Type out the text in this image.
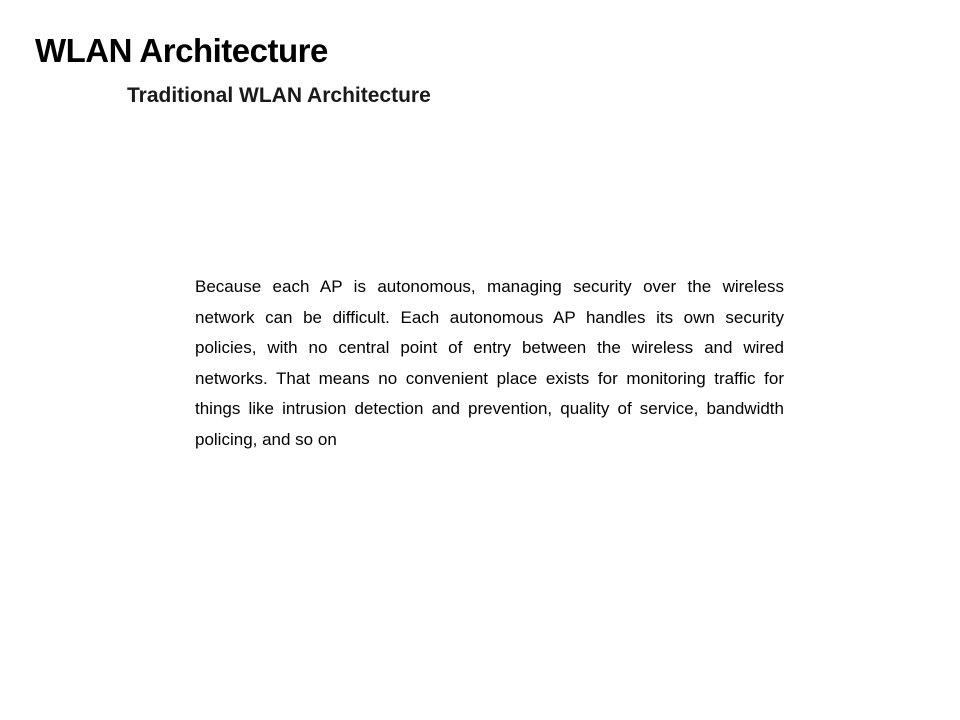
WLAN Architecture
Traditional WLAN Architecture

Because each AP is autonomous, managing security over the wireless network can be difficult. Each autonomous AP handles its own security policies, with no central point of entry between the wireless and wired networks. That means no convenient place exists for monitoring traffic for things like intrusion detection and prevention, quality of service, bandwidth policing, and so on
